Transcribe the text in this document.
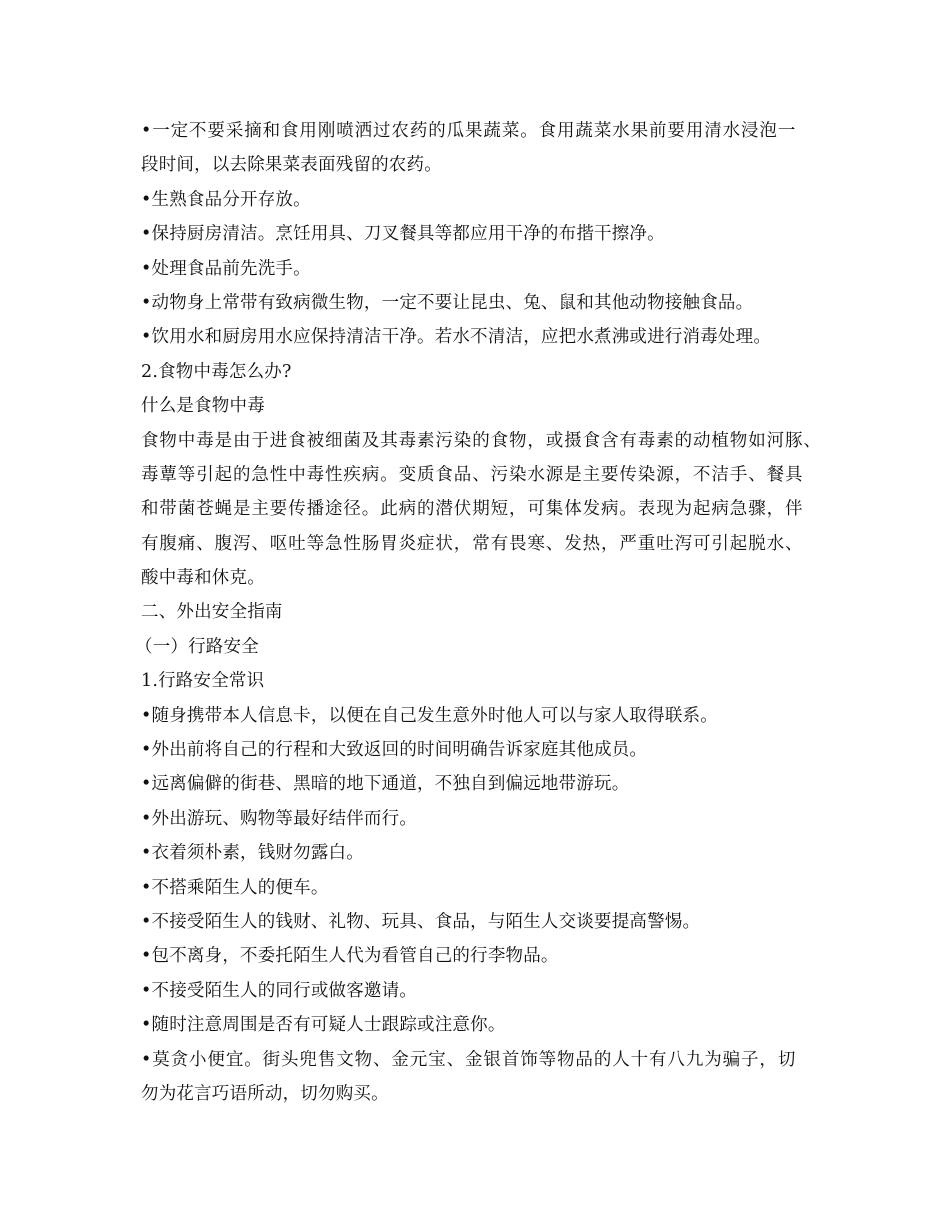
•一定不要采摘和食用刚喷洒过农药的瓜果蔬菜。食用蔬菜水果前要用清水浸泡一
段时间，以去除果菜表面残留的农药。
•生熟食品分开存放。
•保持厨房清洁。烹饪用具、刀叉餐具等都应用干净的布揩干擦净。
•处理食品前先洗手。
•动物身上常带有致病微生物，一定不要让昆虫、兔、鼠和其他动物接触食品。
•饮用水和厨房用水应保持清洁干净。若水不清洁，应把水煮沸或进行消毒处理。
2.食物中毒怎么办?
什么是食物中毒
食物中毒是由于进食被细菌及其毒素污染的食物，或摄食含有毒素的动植物如河豚、
毒蕈等引起的急性中毒性疾病。变质食品、污染水源是主要传染源，不洁手、餐具
和带菌苍蝇是主要传播途径。此病的潜伏期短，可集体发病。表现为起病急骤，伴
有腹痛、腹泻、呕吐等急性肠胃炎症状，常有畏寒、发热，严重吐泻可引起脱水、
酸中毒和休克。
二、外出安全指南
（一）行路安全
1.行路安全常识
•随身携带本人信息卡，以便在自己发生意外时他人可以与家人取得联系。
•外出前将自己的行程和大致返回的时间明确告诉家庭其他成员。
•远离偏僻的街巷、黑暗的地下通道，不独自到偏远地带游玩。
•外出游玩、购物等最好结伴而行。
•衣着须朴素，钱财勿露白。
•不搭乘陌生人的便车。
•不接受陌生人的钱财、礼物、玩具、食品，与陌生人交谈要提高警惕。
•包不离身，不委托陌生人代为看管自己的行李物品。
•不接受陌生人的同行或做客邀请。
•随时注意周围是否有可疑人士跟踪或注意你。
•莫贪小便宜。街头兜售文物、金元宝、金银首饰等物品的人十有八九为骗子，切
勿为花言巧语所动，切勿购买。
